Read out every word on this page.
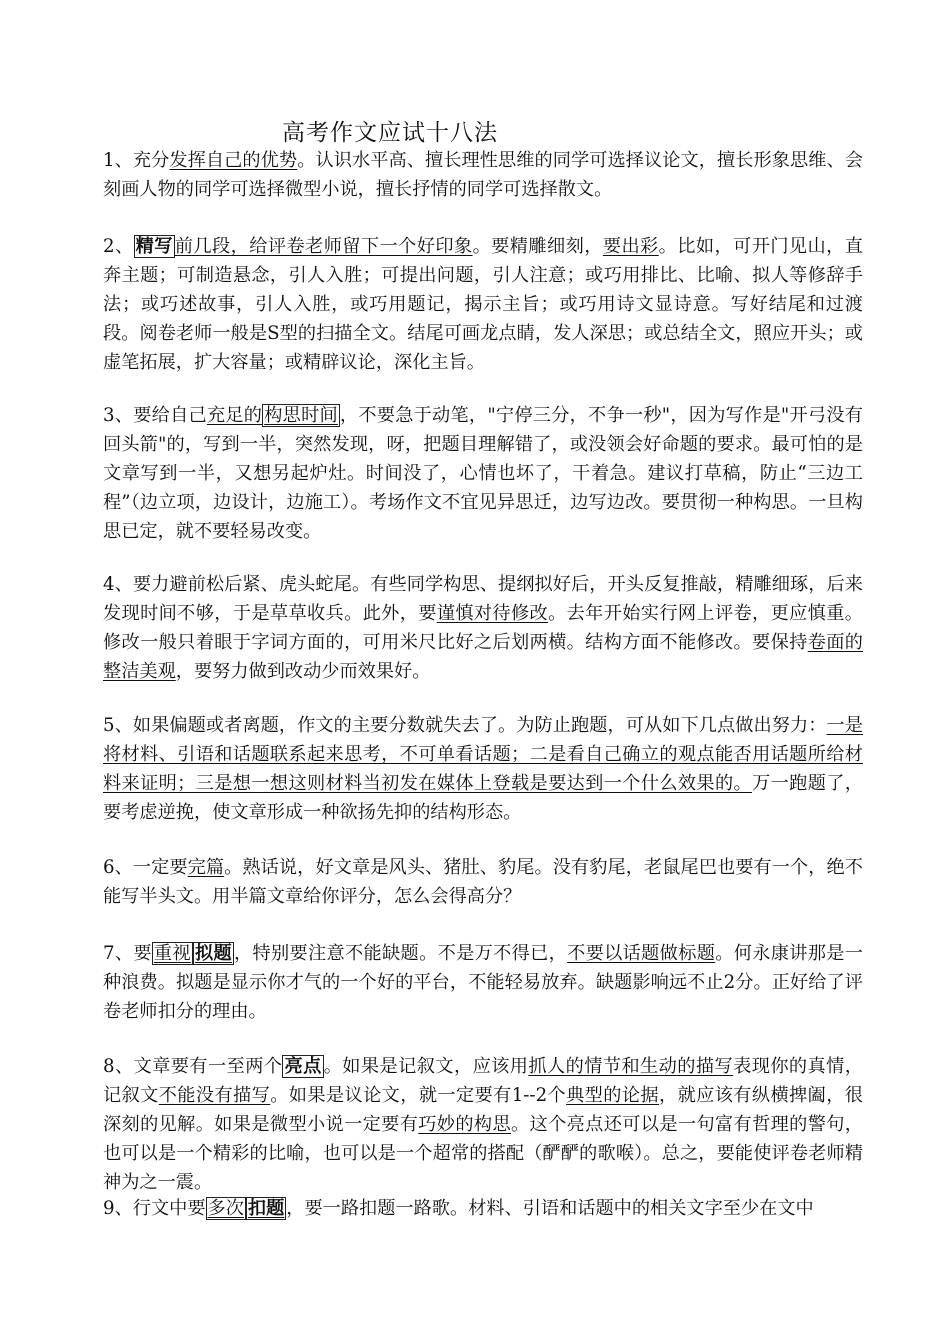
高考作文应试十八法
1、充分发挥自己的优势。认识水平高、擅长理性思维的同学可选择议论文，擅长形象思维、会刻画人物的同学可选择微型小说，擅长抒情的同学可选择散文。
2、 精写 前几段，给评卷老师留下一个好印象。要精雕细刻，要出彩。比如，可开门见山，直奔主题；可制造悬念，引人入胜；可提出问题，引人注意；或巧用排比、比喻、拟人等修辞手法；或巧述故事，引人入胜，或巧用题记，揭示主旨；或巧用诗文显诗意。写好结尾和过渡段。阅卷老师一般是S型的扫描全文。结尾可画龙点睛，发人深思；或总结全文，照应开头；或虚笔拓展，扩大容量；或精辟议论，深化主旨。
3、要给自己充足的 构思时间 ，不要急于动笔，"宁停三分，不争一秒"，因为写作是"开弓没有回头箭"的，写到一半，突然发现，呀，把题目理解错了，或没领会好命题的要求。最可怕的是文章写到一半，又想另起炉灶。时间没了，心情也坏了，干着急。建议打草稿，防止“三边工程”（边立项，边设计，边施工）。考场作文不宜见异思迁，边写边改。要贯彻一种构思。一旦构思已定，就不要轻易改变。
4、要力避前松后紧、虎头蛇尾。有些同学构思、提纲拟好后，开头反复推敲，精雕细琢，后来发现时间不够，于是草草收兵。此外，要谨慎对待修改。去年开始实行网上评卷，更应慎重。修改一般只着眼于字词方面的，可用米尺比好之后划两横。结构方面不能修改。要保持卷面的整洁美观，要努力做到改动少而效果好。
5、如果偏题或者离题，作文的主要分数就失去了。为防止跑题，可从如下几点做出努力：一是将材料、引语和话题联系起来思考，不可单看话题；二是看自己确立的观点能否用话题所给材料来证明；三是想一想这则材料当初发在媒体上登载是要达到一个什么效果的。万一跑题了，要考虑逆挽，使文章形成一种欲扬先抑的结构形态。
6、一定要完篇。熟话说，好文章是风头、猪肚、豹尾。没有豹尾，老鼠尾巴也要有一个，绝不能写半头文。用半篇文章给你评分，怎么会得高分？
7、要 重视 拟题 ，特别要注意不能缺题。不是万不得已，不要以话题做标题。何永康讲那是一种浪费。拟题是显示你才气的一个好的平台，不能轻易放弃。缺题影响远不止2分。正好给了评卷老师扣分的理由。
8、文章要有一至两个 亮点 。如果是记叙文，应该用抓人的情节和生动的描写表现你的真情，记叙文不能没有描写。如果是议论文，就一定要有1--2个典型的论据，就应该有纵横捭阖，很深刻的见解。如果是微型小说一定要有巧妙的构思。这个亮点还可以是一句富有哲理的警句，也可以是一个精彩的比喻，也可以是一个超常的搭配（酽酽的歌喉）。总之，要能使评卷老师精神为之一震。
9、行文中要 多次 扣题 ，要一路扣题一路歌。材料、引语和话题中的相关文字至少在文中
